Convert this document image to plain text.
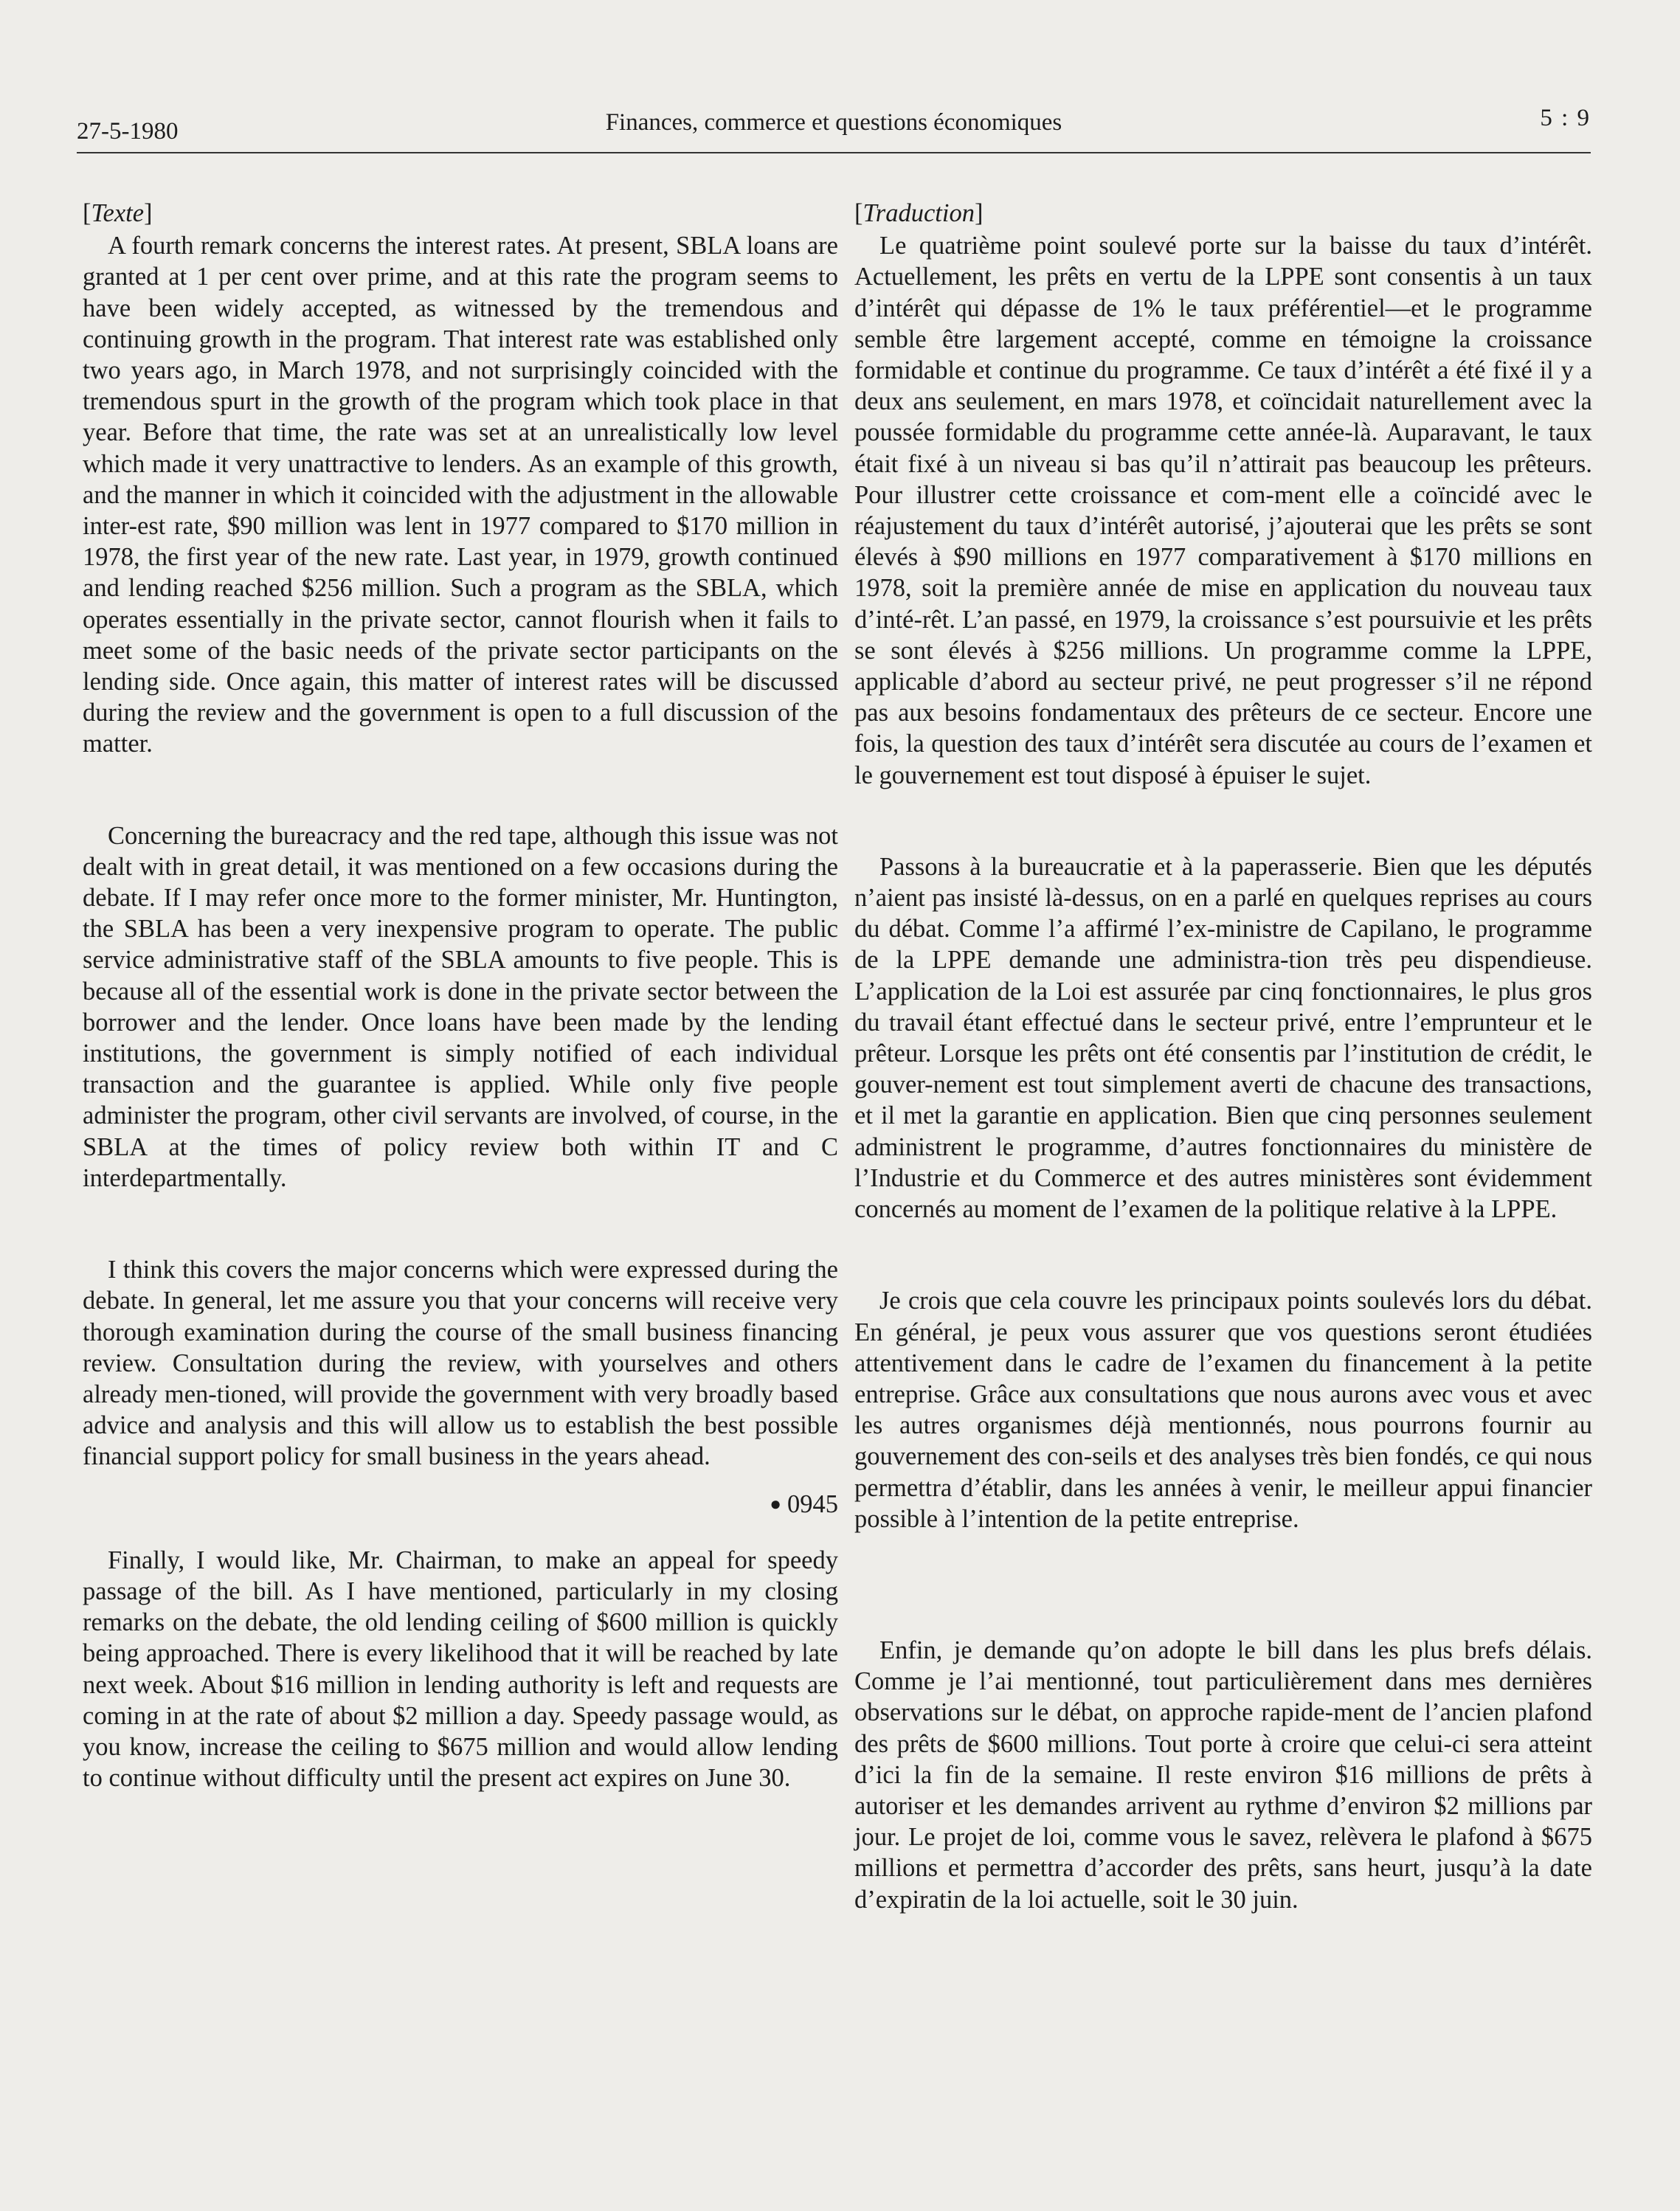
27-5-1980	Finances, commerce et questions économiques	5 : 9
[Texte]

A fourth remark concerns the interest rates. At present, SBLA loans are granted at 1 per cent over prime, and at this rate the program seems to have been widely accepted, as witnessed by the tremendous and continuing growth in the program. That interest rate was established only two years ago, in March 1978, and not surprisingly coincided with the tremendous spurt in the growth of the program which took place in that year. Before that time, the rate was set at an unrealistically low level which made it very unattractive to lenders. As an example of this growth, and the manner in which it coincided with the adjustment in the allowable inter-est rate, $90 million was lent in 1977 compared to $170 million in 1978, the first year of the new rate. Last year, in 1979, growth continued and lending reached $256 million. Such a program as the SBLA, which operates essentially in the private sector, cannot flourish when it fails to meet some of the basic needs of the private sector participants on the lending side. Once again, this matter of interest rates will be discussed during the review and the government is open to a full discussion of the matter.

Concerning the bureacracy and the red tape, although this issue was not dealt with in great detail, it was mentioned on a few occasions during the debate. If I may refer once more to the former minister, Mr. Huntington, the SBLA has been a very inexpensive program to operate. The public service administrative staff of the SBLA amounts to five people. This is because all of the essential work is done in the private sector between the borrower and the lender. Once loans have been made by the lending institutions, the government is simply notified of each individual transaction and the guarantee is applied. While only five people administer the program, other civil servants are involved, of course, in the SBLA at the times of policy review both within IT and C interdepartmentally.

I think this covers the major concerns which were expressed during the debate. In general, let me assure you that your concerns will receive very thorough examination during the course of the small business financing review. Consultation during the review, with yourselves and others already men-tioned, will provide the government with very broadly based advice and analysis and this will allow us to establish the best possible financial support policy for small business in the years ahead.

● 0945

Finally, I would like, Mr. Chairman, to make an appeal for speedy passage of the bill. As I have mentioned, particularly in my closing remarks on the debate, the old lending ceiling of $600 million is quickly being approached. There is every likelihood that it will be reached by late next week. About $16 million in lending authority is left and requests are coming in at the rate of about $2 million a day. Speedy passage would, as you know, increase the ceiling to $675 million and would allow lending to continue without difficulty until the present act expires on June 30.

[Traduction]

Le quatrième point soulevé porte sur la baisse du taux d’intérêt. Actuellement, les prêts en vertu de la LPPE sont consentis à un taux d’intérêt qui dépasse de 1% le taux préférentiel—et le programme semble être largement accepté, comme en témoigne la croissance formidable et continue du programme. Ce taux d’intérêt a été fixé il y a deux ans seulement, en mars 1978, et coïncidait naturellement avec la poussée formidable du programme cette année-là. Auparavant, le taux était fixé à un niveau si bas qu’il n’attirait pas beaucoup les prêteurs. Pour illustrer cette croissance et com-ment elle a coïncidé avec le réajustement du taux d’intérêt autorisé, j’ajouterai que les prêts se sont élevés à $90 millions en 1977 comparativement à $170 millions en 1978, soit la première année de mise en application du nouveau taux d’inté-rêt. L’an passé, en 1979, la croissance s’est poursuivie et les prêts se sont élevés à $256 millions. Un programme comme la LPPE, applicable d’abord au secteur privé, ne peut progresser s’il ne répond pas aux besoins fondamentaux des prêteurs de ce secteur. Encore une fois, la question des taux d’intérêt sera discutée au cours de l’examen et le gouvernement est tout disposé à épuiser le sujet.

Passons à la bureaucratie et à la paperasserie. Bien que les députés n’aient pas insisté là-dessus, on en a parlé en quelques reprises au cours du débat. Comme l’a affirmé l’ex-ministre de Capilano, le programme de la LPPE demande une administra-tion très peu dispendieuse. L’application de la Loi est assurée par cinq fonctionnaires, le plus gros du travail étant effectué dans le secteur privé, entre l’emprunteur et le prêteur. Lorsque les prêts ont été consentis par l’institution de crédit, le gouver-nement est tout simplement averti de chacune des transactions, et il met la garantie en application. Bien que cinq personnes seulement administrent le programme, d’autres fonctionnaires du ministère de l’Industrie et du Commerce et des autres ministères sont évidemment concernés au moment de l’examen de la politique relative à la LPPE.

Je crois que cela couvre les principaux points soulevés lors du débat. En général, je peux vous assurer que vos questions seront étudiées attentivement dans le cadre de l’examen du financement à la petite entreprise. Grâce aux consultations que nous aurons avec vous et avec les autres organismes déjà mentionnés, nous pourrons fournir au gouvernement des con-seils et des analyses très bien fondés, ce qui nous permettra d’établir, dans les années à venir, le meilleur appui financier possible à l’intention de la petite entreprise.

Enfin, je demande qu’on adopte le bill dans les plus brefs délais. Comme je l’ai mentionné, tout particulièrement dans mes dernières observations sur le débat, on approche rapide-ment de l’ancien plafond des prêts de $600 millions. Tout porte à croire que celui-ci sera atteint d’ici la fin de la semaine. Il reste environ $16 millions de prêts à autoriser et les demandes arrivent au rythme d’environ $2 millions par jour. Le projet de loi, comme vous le savez, relèvera le plafond à $675 millions et permettra d’accorder des prêts, sans heurt, jusqu’à la date d’expiratin de la loi actuelle, soit le 30 juin.
